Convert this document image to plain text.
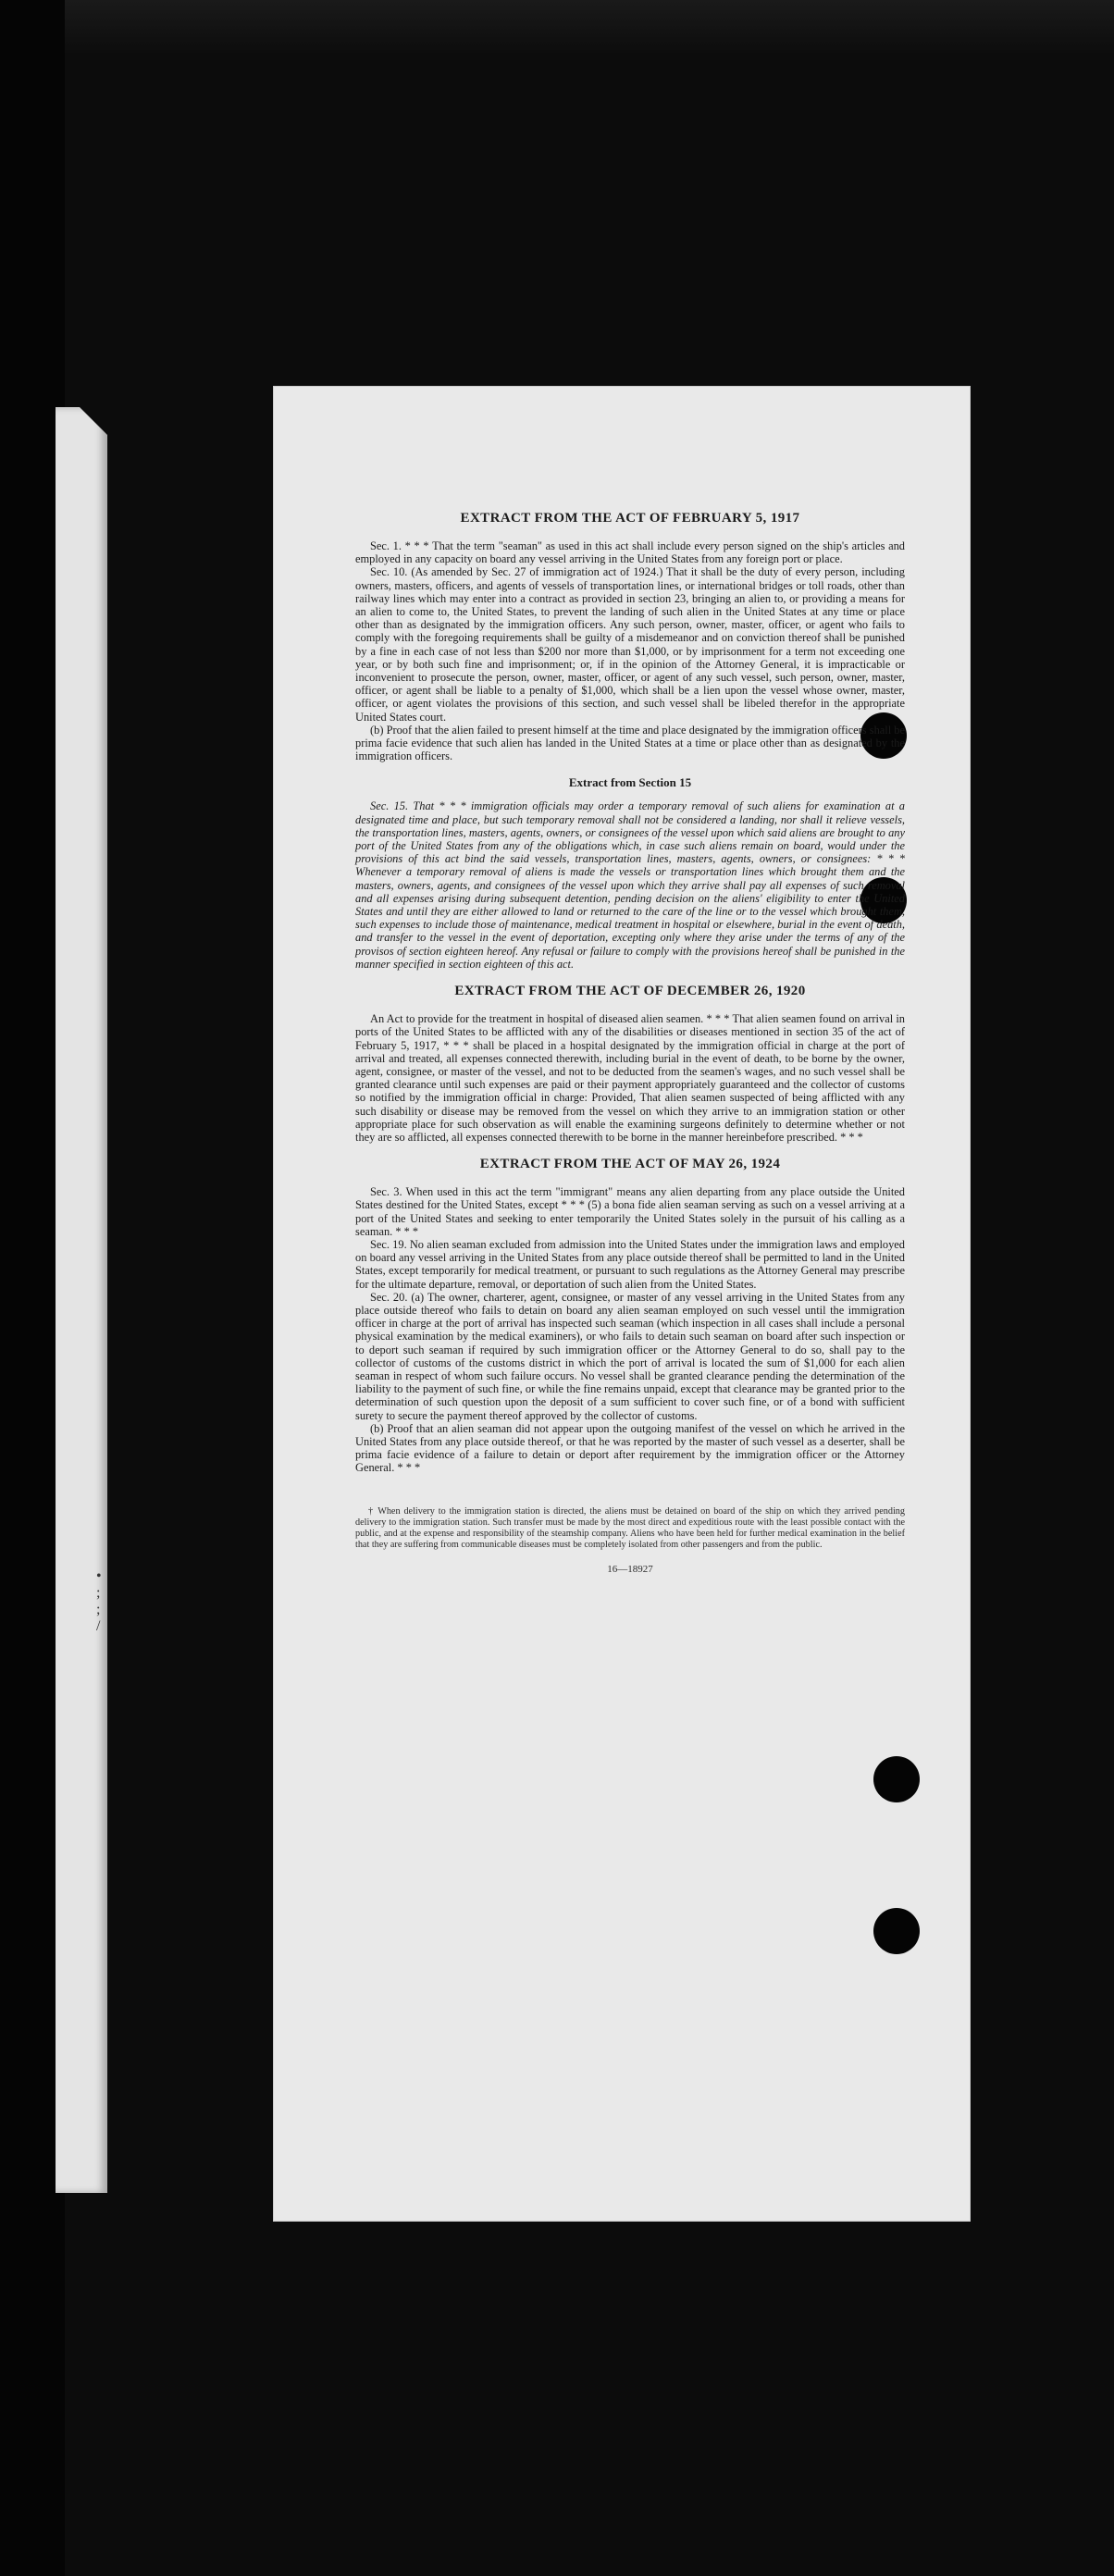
• ; ; /
EXTRACT FROM THE ACT OF FEBRUARY 5, 1917

Sec. 1. * * * That the term "seaman" as used in this act shall include every person signed on the ship's articles and employed in any capacity on board any vessel arriving in the United States from any foreign port or place.

Sec. 10. (As amended by Sec. 27 of immigration act of 1924.) That it shall be the duty of every person, including owners, masters, officers, and agents of vessels of transportation lines, or international bridges or toll roads, other than railway lines which may enter into a contract as provided in section 23, bringing an alien to, or providing a means for an alien to come to, the United States, to prevent the landing of such alien in the United States at any time or place other than as designated by the immigration officers. Any such person, owner, master, officer, or agent who fails to comply with the foregoing requirements shall be guilty of a misdemeanor and on conviction thereof shall be punished by a fine in each case of not less than $200 nor more than $1,000, or by imprisonment for a term not exceeding one year, or by both such fine and imprisonment; or, if in the opinion of the Attorney General, it is impracticable or inconvenient to prosecute the person, owner, master, officer, or agent of any such vessel, such person, owner, master, officer, or agent shall be liable to a penalty of $1,000, which shall be a lien upon the vessel whose owner, master, officer, or agent violates the provisions of this section, and such vessel shall be libeled therefor in the appropriate United States court.

(b) Proof that the alien failed to present himself at the time and place designated by the immigration officers shall be prima facie evidence that such alien has landed in the United States at a time or place other than as designated by the immigration officers.

Extract from Section 15

Sec. 15. That * * * immigration officials may order a temporary removal of such aliens for examination at a designated time and place, but such temporary removal shall not be considered a landing, nor shall it relieve vessels, the transportation lines, masters, agents, owners, or consignees of the vessel upon which said aliens are brought to any port of the United States from any of the obligations which, in case such aliens remain on board, would under the provisions of this act bind the said vessels, transportation lines, masters, agents, owners, or consignees: * * * Whenever a temporary removal of aliens is made the vessels or transportation lines which brought them and the masters, owners, agents, and consignees of the vessel upon which they arrive shall pay all expenses of such removal and all expenses arising during subsequent detention, pending decision on the aliens' eligibility to enter the United States and until they are either allowed to land or returned to the care of the line or to the vessel which brought them, such expenses to include those of maintenance, medical treatment in hospital or elsewhere, burial in the event of death, and transfer to the vessel in the event of deportation, excepting only where they arise under the terms of any of the provisos of section eighteen hereof. Any refusal or failure to comply with the provisions hereof shall be punished in the manner specified in section eighteen of this act.

EXTRACT FROM THE ACT OF DECEMBER 26, 1920

An Act to provide for the treatment in hospital of diseased alien seamen. * * * That alien seamen found on arrival in ports of the United States to be afflicted with any of the disabilities or diseases mentioned in section 35 of the act of February 5, 1917, * * * shall be placed in a hospital designated by the immigration official in charge at the port of arrival and treated, all expenses connected therewith, including burial in the event of death, to be borne by the owner, agent, consignee, or master of the vessel, and not to be deducted from the seamen's wages, and no such vessel shall be granted clearance until such expenses are paid or their payment appropriately guaranteed and the collector of customs so notified by the immigration official in charge: Provided, That alien seamen suspected of being afflicted with any such disability or disease may be removed from the vessel on which they arrive to an immigration station or other appropriate place for such observation as will enable the examining surgeons definitely to determine whether or not they are so afflicted, all expenses connected therewith to be borne in the manner hereinbefore prescribed. * * *

EXTRACT FROM THE ACT OF MAY 26, 1924

Sec. 3. When used in this act the term "immigrant" means any alien departing from any place outside the United States destined for the United States, except * * * (5) a bona fide alien seaman serving as such on a vessel arriving at a port of the United States and seeking to enter temporarily the United States solely in the pursuit of his calling as a seaman. * * *

Sec. 19. No alien seaman excluded from admission into the United States under the immigration laws and employed on board any vessel arriving in the United States from any place outside thereof shall be permitted to land in the United States, except temporarily for medical treatment, or pursuant to such regulations as the Attorney General may prescribe for the ultimate departure, removal, or deportation of such alien from the United States.

Sec. 20. (a) The owner, charterer, agent, consignee, or master of any vessel arriving in the United States from any place outside thereof who fails to detain on board any alien seaman employed on such vessel until the immigration officer in charge at the port of arrival has inspected such seaman (which inspection in all cases shall include a personal physical examination by the medical examiners), or who fails to detain such seaman on board after such inspection or to deport such seaman if required by such immigration officer or the Attorney General to do so, shall pay to the collector of customs of the customs district in which the port of arrival is located the sum of $1,000 for each alien seaman in respect of whom such failure occurs. No vessel shall be granted clearance pending the determination of the liability to the payment of such fine, or while the fine remains unpaid, except that clearance may be granted prior to the determination of such question upon the deposit of a sum sufficient to cover such fine, or of a bond with sufficient surety to secure the payment thereof approved by the collector of customs.

(b) Proof that an alien seaman did not appear upon the outgoing manifest of the vessel on which he arrived in the United States from any place outside thereof, or that he was reported by the master of such vessel as a deserter, shall be prima facie evidence of a failure to detain or deport after requirement by the immigration officer or the Attorney General. * * *

† When delivery to the immigration station is directed, the aliens must be detained on board of the ship on which they arrived pending delivery to the immigration station. Such transfer must be made by the most direct and expeditious route with the least possible contact with the public, and at the expense and responsibility of the steamship company. Aliens who have been held for further medical examination in the belief that they are suffering from communicable diseases must be completely isolated from other passengers and from the public.
16—18927
